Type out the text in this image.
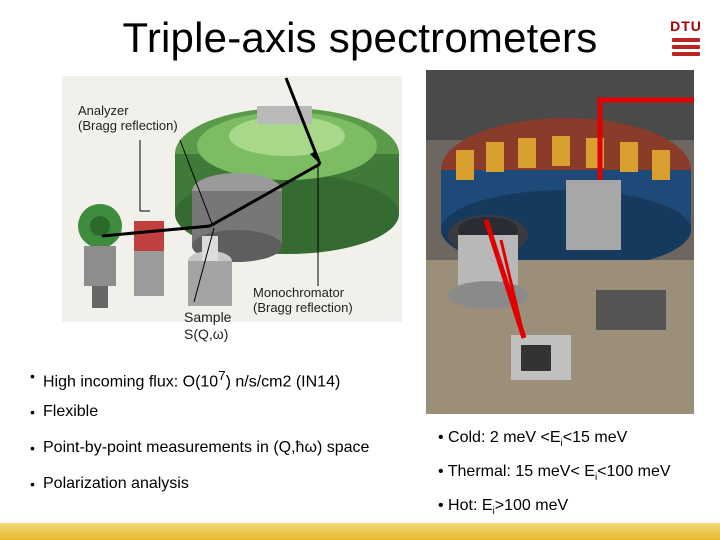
Triple-axis spectrometers	DTU
Analyzer
(Bragg reflection)
Monochromator
(Bragg reflection)
Sample
S(Q,ω)
• High incoming flux: $O(10^7)$ n/s/cm2 (IN14)
• Flexible
• Point-by-point measurements in (Q,ħω) space
• Polarization analysis
• Cold: 2 meV $<E_i<15$ meV
• Thermal: 15 $meV< E_i<100$ meV
• Hot: $E_i>100$ meV
